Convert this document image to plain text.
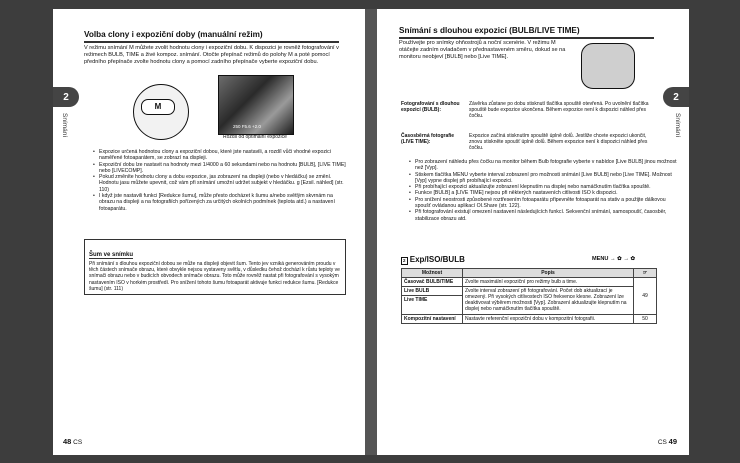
Volba clony i expoziční doby (manuální režim)
V režimu snímání M můžete zvolit hodnotu clony i expoziční dobu. K dispozici je rovněž fotografování v režimech BULB, TIME a živé kompoz. snímání. Otočte přepínač režimů do polohy M a poté pomocí předního přepínače zvolte hodnotu clony a pomocí zadního přepínače vyberte expoziční dobu.
2
Snímání
M
250 F5.6 +2.0
Rozdíl od optimální expozice
• Expozice určená hodnotou clony a expoziční dobou, které jste nastavili, a rozdíl vůči vhodné expozici naměřené fotoaparátem, se zobrazí na displeji.
• Expoziční dobu lze nastavit na hodnoty mezi 1/4000 a 60 sekundami nebo na hodnotu [BULB], [LIVE TIME] nebo [LIVECOMP].
• Pokud změníte hodnotu clony a dobu expozice, jas zobrazení na displeji (nebo v hledáčku) se změní. Hodnotu jasu můžete upevnit, což vám při snímání umožní udržet subjekt v hledáčku. g [Ezsil. náhled] (str. 110)
• I když jste nastavili funkci [Redukce šumu], může přesto docházet k šumu a/nebo světlým skvrnám na obrazu na displeji a na fotografiích pořízených za určitých okolních podmínek (teplota atd.) a nastavení fotoaparátu.
Šum ve snímku
Při snímání s dlouhou expoziční dobou se může na displeji objevit šum. Tento jev vzniká generováním proudu v těch částech snímače obrazu, které obvykle nejsou vystaveny světlu, v důsledku čehož dochází k růstu teploty ve snímači obrazu nebo v budicích obvodech snímače obrazu. Toto může rovněž nastat při fotografování s vysokým nastavením ISO v horkém prostředí. Pro snížení tohoto šumu fotoaparát aktivuje funkci redukce šumu. [Redukce šumu] (str. 111)
48 CS
Snímání s dlouhou expozicí (BULB/LIVE TIME)
Používejte pro snímky ohňostrojů a noční scenérie. V režimu M otáčejte zadním ovladačem v přednastaveném směru, dokud se na monitoru neobjeví [BULB] nebo [Live TIME].
2
Snímání
Fotografování s dlouhou expozicí (BULB):
Závěrka zůstane po dobu stisknutí tlačítka spouště otevřená. Po uvolnění tlačítka spouště bude expozice ukončena. Během expozice není k dispozici náhled přes čočku.
Časosběrná fotografie (LIVE TIME):
Expozice začíná stisknutím spouště úplně dolů. Jestliže chcete expozici ukončit, znovu stiskněte spoušť úplně dolů. Během expozice není k dispozici náhled přes čočku.
• Pro zobrazení náhledu přes čočku na monitor během Bulb fotografie vyberte v nabídce [Live BULB] jinou možnost než [Vyp].
• Stiskem tlačítka MENU vyberte interval zobrazení pro možnosti snímání [Live BULB] nebo [Live TIME]. Možnost [Vyp] vypne displej při probíhající expozici.
• Při probíhající expozici aktualizujte zobrazení klepnutím na displej nebo namáčknutím tlačítka spouště.
• Funkce [BULB] a [LIVE TIME] nejsou při některých nastaveních citlivosti ISO k dispozici.
• Pro snížení neostrosti způsobené roztřesením fotoaparátu připevněte fotoaparát na stativ a použijte dálkovou spoušť ovládanou aplikací OI.Share (str. 122).
• Při fotografování existují omezení nastavení následujících funkcí. Sekvenční snímání, samospoušť, časosběr, stabilizace obrazu atd.
2 Exp/ISO/BULB	MENU → ✿ → ✿
Možnost	Popis	☞
Časovač BULB/TIME	Zvolte maximální expoziční pro režimy bulb a time.	49
Live BULB	Zvolte interval zobrazení při fotografování. Počet dob aktualizací je omezený. Při vysokých citlivostech ISO frekvence klesne. Zobrazení lze deaktivovat výběrem možnosti [Vyp]. Zobrazení aktualizujte klepnutím na displej nebo namáčknutím tlačítka spouště.	
Live TIME		
Kompozitní nastavení	Nastavte referenční expoziční dobu v kompozitní fotografii.	50
CS 49
